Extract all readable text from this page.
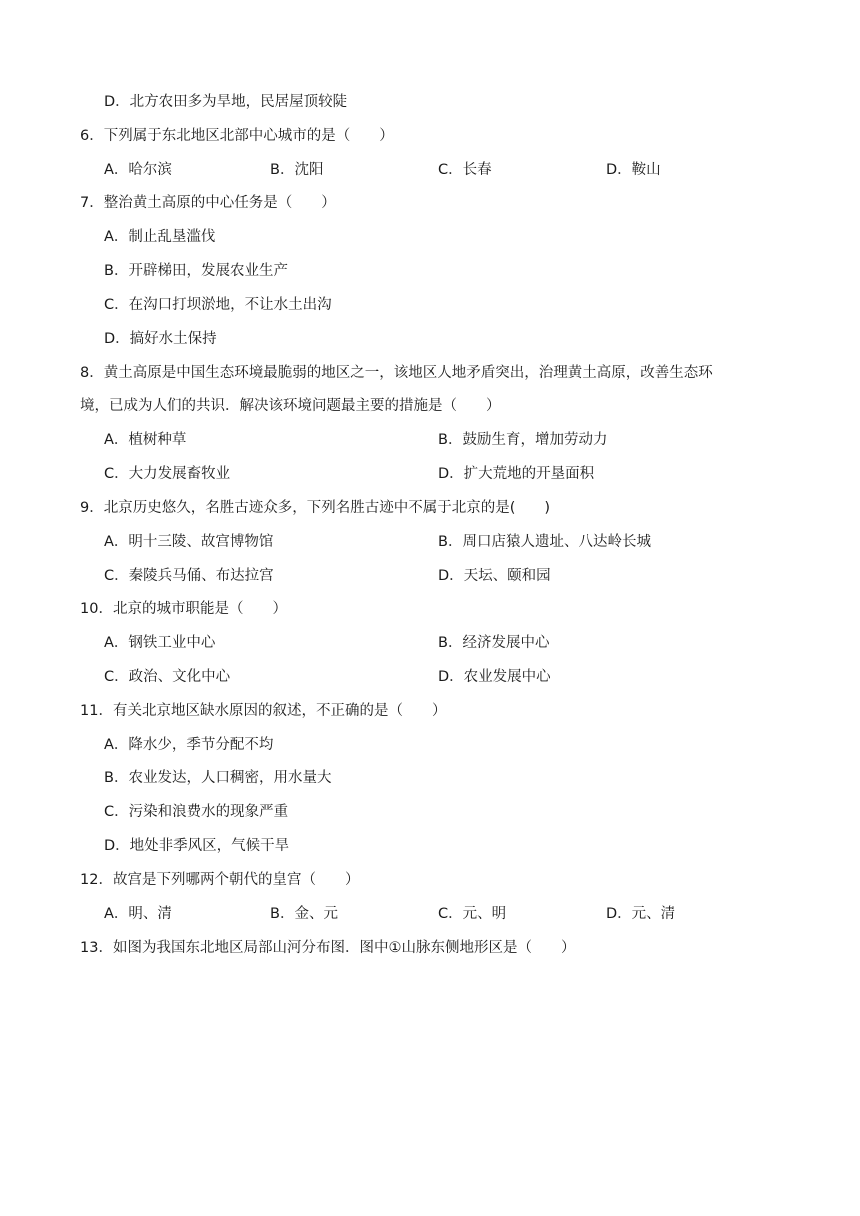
D．北方农田多为旱地，民居屋顶较陡
6．下列属于东北地区北部中心城市的是（　　）
A．哈尔滨	B．沈阳	C．长春	D．鞍山
7．整治黄土高原的中心任务是（　　）
A．制止乱垦滥伐
B．开辟梯田，发展农业生产
C．在沟口打坝淤地，不让水土出沟
D．搞好水土保持
8．黄土高原是中国生态环境最脆弱的地区之一，该地区人地矛盾突出，治理黄土高原，改善生态环
境，已成为人们的共识．解决该环境问题最主要的措施是（　　）
A．植树种草	B．鼓励生育，增加劳动力
C．大力发展畜牧业	D．扩大荒地的开垦面积
9．北京历史悠久，名胜古迹众多，下列名胜古迹中不属于北京的是(　　)
A．明十三陵、故宫博物馆	B．周口店猿人遗址、八达岭长城
C．秦陵兵马俑、布达拉宫	D．天坛、颐和园
10．北京的城市职能是（　　）
A．钢铁工业中心	B．经济发展中心
C．政治、文化中心	D．农业发展中心
11．有关北京地区缺水原因的叙述，不正确的是（　　）
A．降水少，季节分配不均
B．农业发达，人口稠密，用水量大
C．污染和浪费水的现象严重
D．地处非季风区，气候干旱
12．故宫是下列哪两个朝代的皇宫（　　）
A．明、清	B．金、元	C．元、明	D．元、清
13．如图为我国东北地区局部山河分布图．图中①山脉东侧地形区是（　　）
